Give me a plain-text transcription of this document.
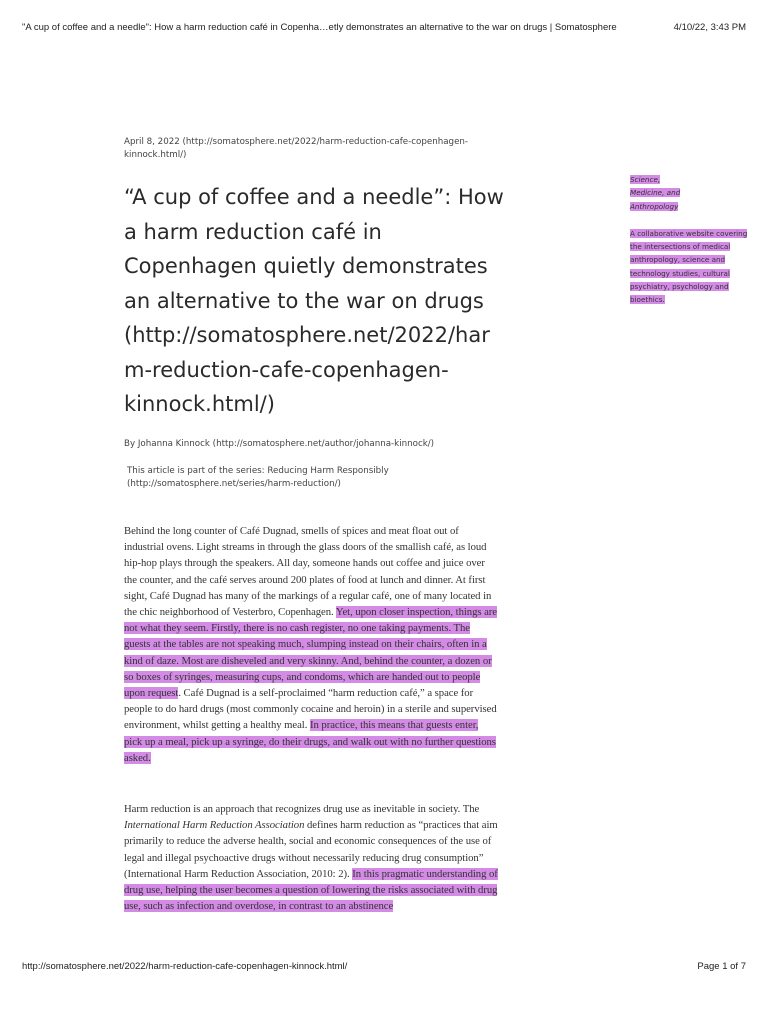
"A cup of coffee and a needle": How a harm reduction café in Copenha…etly demonstrates an alternative to the war on drugs | Somatosphere	4/10/22, 3:43 PM
April 8, 2022 (http://somatosphere.net/2022/harm-reduction-cafe-copenhagen-kinnock.html/)
“A cup of coffee and a needle”: How
a harm reduction café in
Copenhagen quietly demonstrates
an alternative to the war on drugs
(http://somatosphere.net/2022/har
m-reduction-cafe-copenhagen-
kinnock.html/)
By Johanna Kinnock (http://somatosphere.net/author/johanna-kinnock/)
This article is part of the series: Reducing Harm Responsibly
(http://somatosphere.net/series/harm-reduction/)

Behind the long counter of Café Dugnad, smells of spices and meat float out of industrial ovens. Light streams in through the glass doors of the smallish café, as loud hip-hop plays through the speakers. All day, someone hands out coffee and juice over the counter, and the café serves around 200 plates of food at lunch and dinner. At first sight, Café Dugnad has many of the markings of a regular café, one of many located in the chic neighborhood of Vesterbro, Copenhagen. Yet, upon closer inspection, things are not what they seem. Firstly, there is no cash register, no one taking payments. The guests at the tables are not speaking much, slumping instead on their chairs, often in a kind of daze. Most are disheveled and very skinny. And, behind the counter, a dozen or so boxes of syringes, measuring cups, and condoms, which are handed out to people upon request. Café Dugnad is a self-proclaimed “harm reduction café,” a space for people to do hard drugs (most commonly cocaine and heroin) in a sterile and supervised environment, whilst getting a healthy meal. In practice, this means that guests enter, pick up a meal, pick up a syringe, do their drugs, and walk out with no further questions asked.

Harm reduction is an approach that recognizes drug use as inevitable in society. The International Harm Reduction Association defines harm reduction as “practices that aim primarily to reduce the adverse health, social and economic consequences of the use of legal and illegal psychoactive drugs without necessarily reducing drug consumption” (International Harm Reduction Association, 2010: 2). In this pragmatic understanding of drug use, helping the user becomes a question of lowering the risks associated with drug use, such as infection and overdose, in contrast to an abstinence

Science,
Medicine, and
Anthropology
A collaborative website covering the intersections of medical anthropology, science and technology studies, cultural psychiatry, psychology and bioethics.
http://somatosphere.net/2022/harm-reduction-cafe-copenhagen-kinnock.html/	Page 1 of 7
